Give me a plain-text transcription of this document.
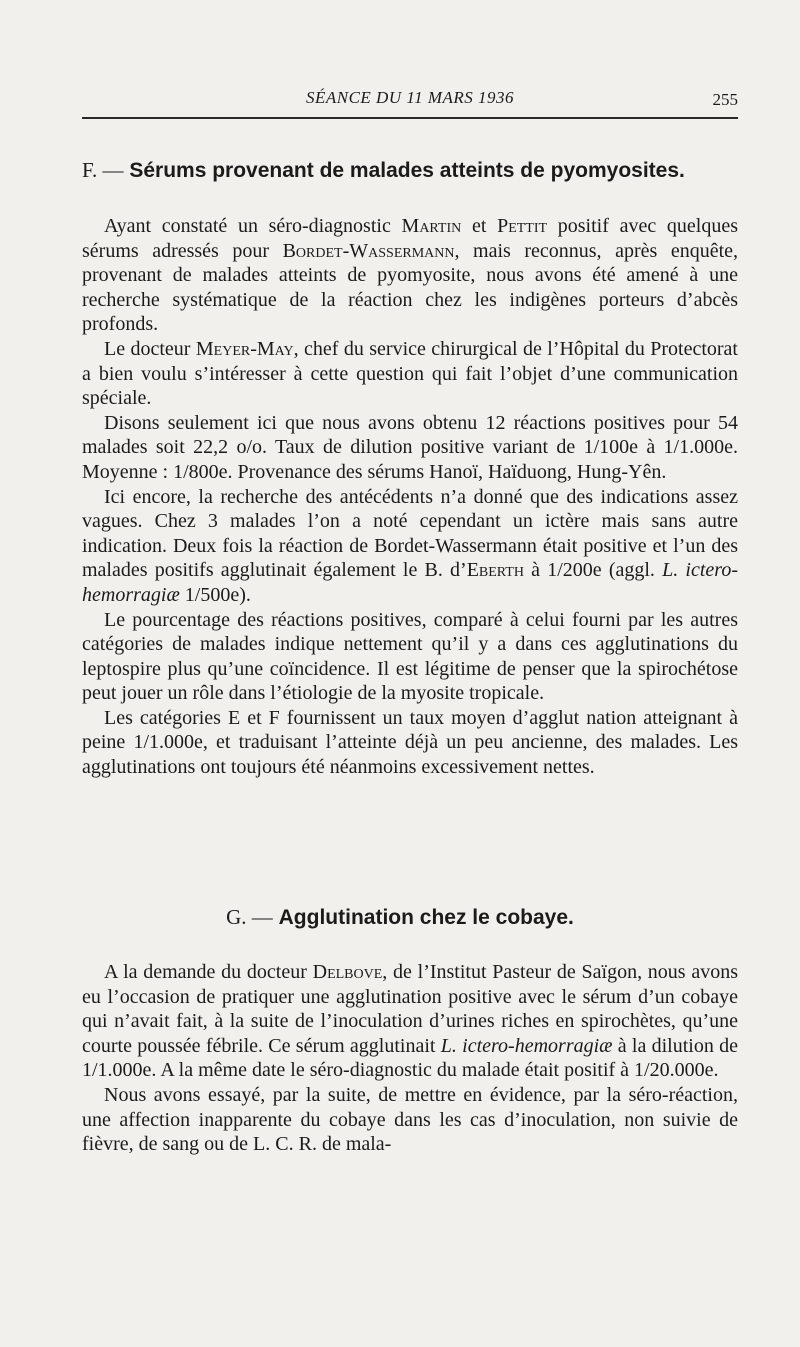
SÉANCE DU 11 MARS 1936	255
F. — Sérums provenant de malades atteints de pyomyosites.

Ayant constaté un séro-diagnostic Martin et Pettit positif avec quelques sérums adressés pour Bordet-Wassermann, mais reconnus, après enquête, provenant de malades atteints de pyomyosite, nous avons été amené à une recherche systématique de la réaction chez les indigènes porteurs d’abcès profonds.

Le docteur Meyer-May, chef du service chirurgical de l’Hôpital du Protectorat a bien voulu s’intéresser à cette question qui fait l’objet d’une communication spéciale.

Disons seulement ici que nous avons obtenu 12 réactions positives pour 54 malades soit 22,2 o/o. Taux de dilution positive variant de 1/100e à 1/1.000e. Moyenne : 1/800e. Provenance des sérums Hanoï, Haïduong, Hung-Yên.

Ici encore, la recherche des antécédents n’a donné que des indications assez vagues. Chez 3 malades l’on a noté cependant un ictère mais sans autre indication. Deux fois la réaction de Bordet-Wassermann était positive et l’un des malades positifs agglutinait également le B. d’Eberth à 1/200e (aggl. L. ictero-hemorragiæ 1/500e).

Le pourcentage des réactions positives, comparé à celui fourni par les autres catégories de malades indique nettement qu’il y a dans ces agglutinations du leptospire plus qu’une coïncidence. Il est légitime de penser que la spirochétose peut jouer un rôle dans l’étiologie de la myosite tropicale.

Les catégories E et F fournissent un taux moyen d’agglut nation atteignant à peine 1/1.000e, et traduisant l’atteinte déjà un peu ancienne, des malades. Les agglutinations ont toujours été néanmoins excessivement nettes.

G. — Agglutination chez le cobaye.

A la demande du docteur Delbove, de l’Institut Pasteur de Saïgon, nous avons eu l’occasion de pratiquer une agglutination positive avec le sérum d’un cobaye qui n’avait fait, à la suite de l’inoculation d’urines riches en spirochètes, qu’une courte poussée fébrile. Ce sérum agglutinait L. ictero-hemorragiæ à la dilution de 1/1.000e. A la même date le séro-diagnostic du malade était positif à 1/20.000e.

Nous avons essayé, par la suite, de mettre en évidence, par la séro-réaction, une affection inapparente du cobaye dans les cas d’inoculation, non suivie de fièvre, de sang ou de L. C. R. de mala-
